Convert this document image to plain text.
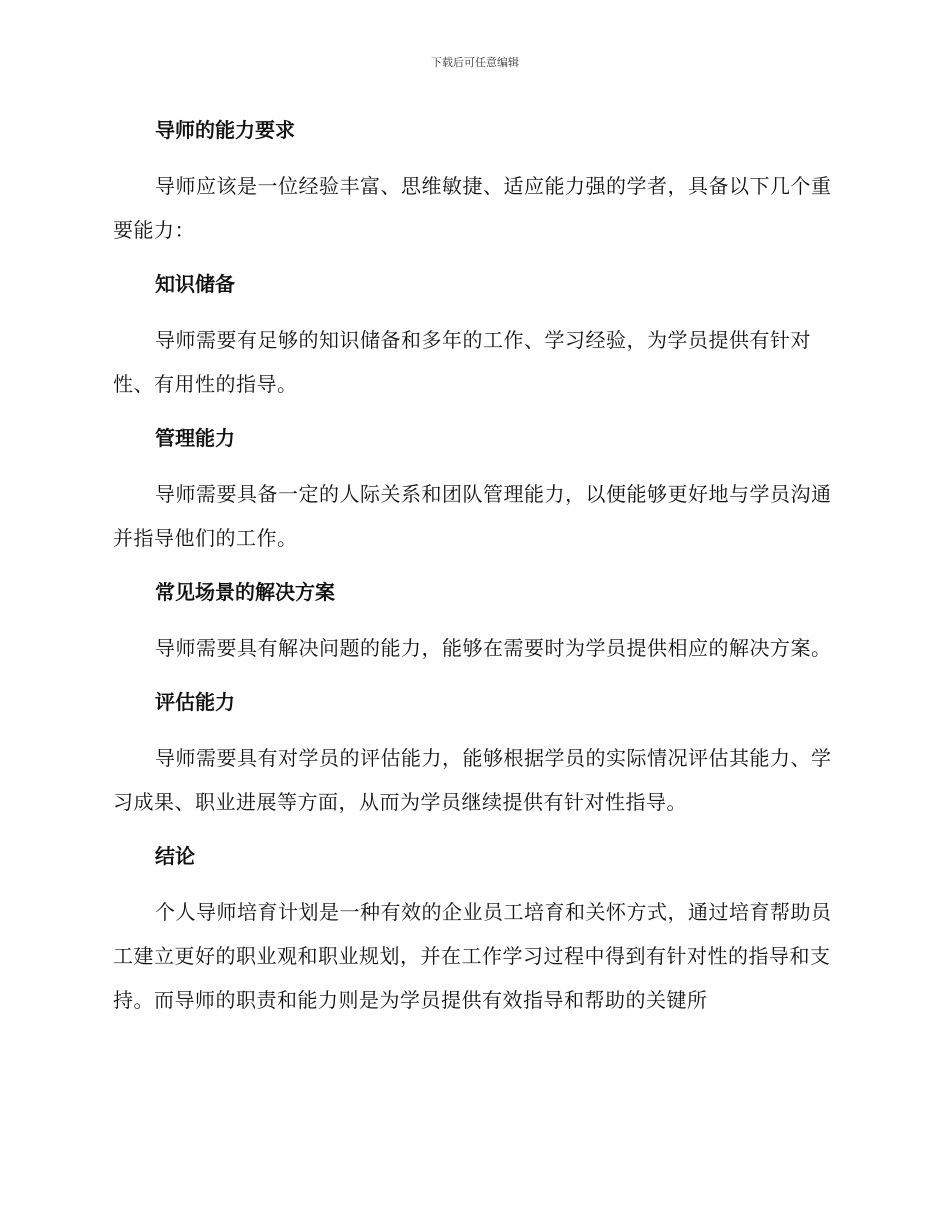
下载后可任意编辑
导师的能力要求

导师应该是一位经验丰富、思维敏捷、适应能力强的学者，具备以下几个重要能力：

知识储备

导师需要有足够的知识储备和多年的工作、学习经验，为学员提供有针对性、有用性的指导。

管理能力

导师需要具备一定的人际关系和团队管理能力，以便能够更好地与学员沟通并指导他们的工作。

常见场景的解决方案

导师需要具有解决问题的能力，能够在需要时为学员提供相应的解决方案。

评估能力

导师需要具有对学员的评估能力，能够根据学员的实际情况评估其能力、学习成果、职业进展等方面，从而为学员继续提供有针对性指导。

结论

个人导师培育计划是一种有效的企业员工培育和关怀方式，通过培育帮助员工建立更好的职业观和职业规划，并在工作学习过程中得到有针对性的指导和支持。而导师的职责和能力则是为学员提供有效指导和帮助的关键所
